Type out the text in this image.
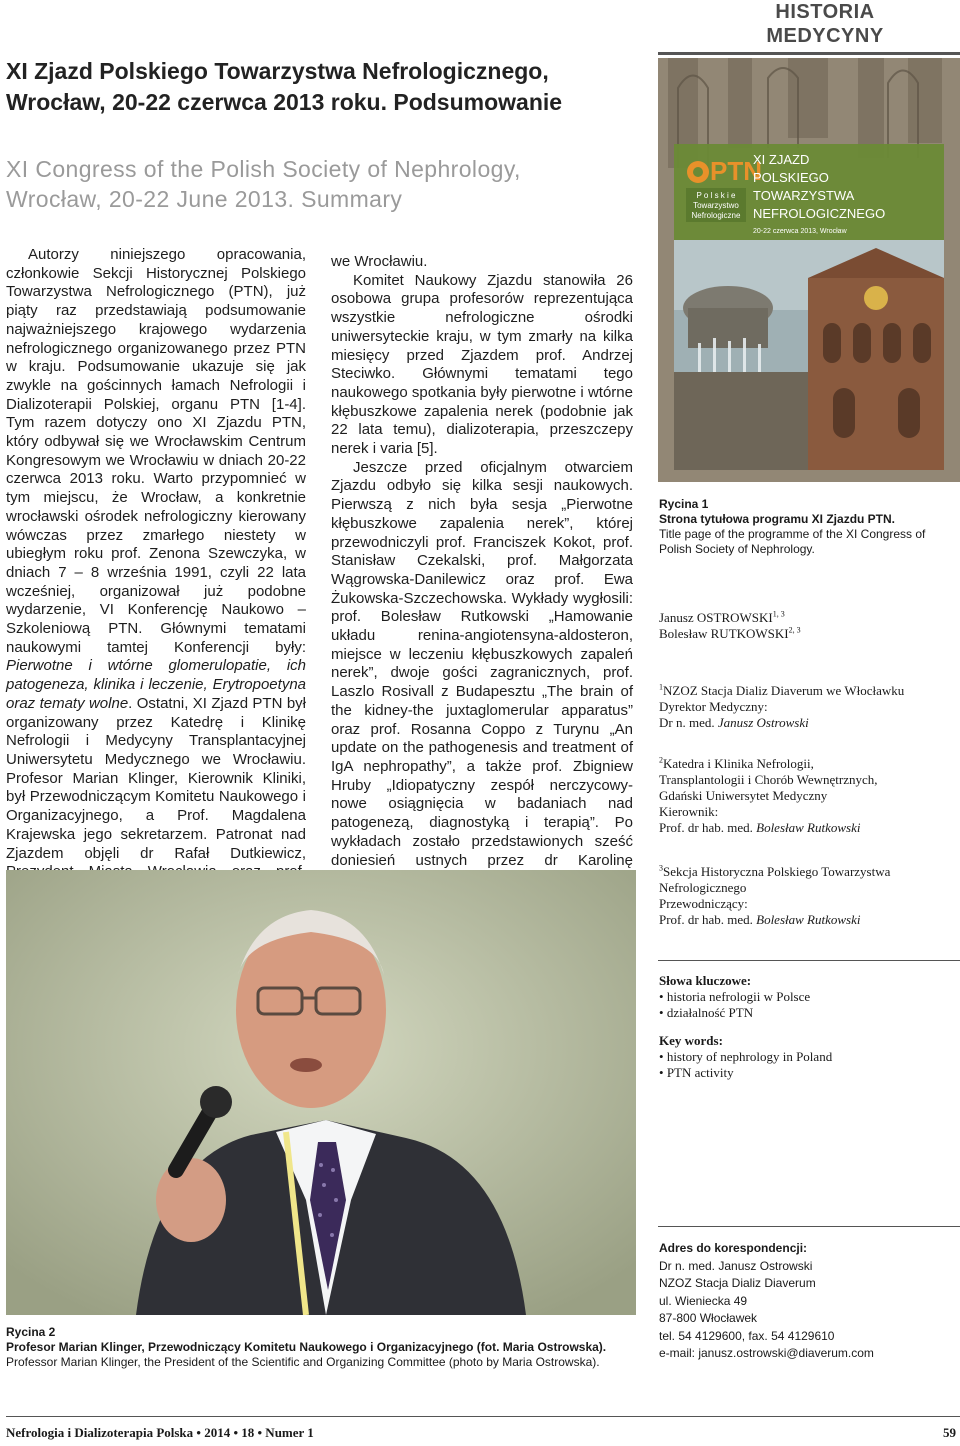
HISTORIA
MEDYCYNY
XI Zjazd Polskiego Towarzystwa Nefrologicznego,
Wrocław, 20-22 czerwca 2013 roku. Podsumowanie
XI Congress of the Polish Society of Nephrology,
Wrocław, 20-22 June 2013. Summary
PTN
P o l s k i e
Towarzystwo
Nefrologiczne
XI ZJAZD
POLSKIEGO
TOWARZYSTWA
NEFROLOGICZNEGO
20-22 czerwca 2013, Wrocław

Autorzy niniejszego opracowania, członkowie Sekcji Historycznej Polskiego Towarzystwa Nefrologicznego (PTN), już piąty raz przedstawiają podsumowanie najważniejszego krajowego wydarzenia nefrologicznego organizowanego przez PTN w kraju. Podsumowanie ukazuje się jak zwykle na gościnnych łamach Nefrologii i Dializoterapii Polskiej, organu PTN [1-4]. Tym razem dotyczy ono XI Zjazdu PTN, który odbywał się we Wrocławskim Centrum Kongresowym we Wrocławiu w dniach 20-22 czerwca 2013 roku. Warto przypomnieć w tym miejscu, że Wrocław, a konkretnie wrocławski ośrodek nefrologiczny kierowany wówczas przez zmarłego niestety w ubiegłym roku prof. Zenona Szewczyka, w dniach 7 – 8 września 1991, czyli 22 lata wcześniej, organizował już podobne wydarzenie, VI Konferencję Naukowo – Szkoleniową PTN. Głównymi tematami naukowymi tamtej Konferencji były: Pierwotne i wtórne glomerulopatie, ich patogeneza, klinika i leczenie, Erytropoetyna oraz tematy wolne. Ostatni, XI Zjazd PTN był organizowany przez Katedrę i Klinikę Nefrologii i Medycyny Transplantacyjnej Uniwersytetu Medycznego we Wrocławiu. Profesor Marian Klinger, Kierownik Kliniki, był Przewodniczącym Komitetu Naukowego i Organizacyjnego, a Prof. Magdalena Krajewska jego sekretarzem. Patronat nad Zjazdem objęli dr Rafał Dutkiewicz,

we Wrocławiu.

Komitet Naukowy Zjazdu stanowiła 26 osobowa grupa profesorów reprezentująca wszystkie nefrologiczne ośrodki uniwersyteckie kraju, w tym zmarły na kilka miesięcy przed Zjazdem prof. Andrzej Steciwko. Głównymi tematami tego naukowego spotkania były pierwotne i wtórne kłębuszkowe zapalenia nerek (podobnie jak 22 lata temu), dializoterapia, przeszczepy nerek i varia [5].

Jeszcze przed oficjalnym otwarciem Zjazdu odbyło się kilka sesji naukowych. Pierwszą z nich była sesja „Pierwotne kłębuszkowe zapalenia nerek”, której przewodniczyli prof. Franciszek Kokot, prof. Stanisław Czekalski, prof. Małgorzata Wągrowska-Danilewicz oraz prof. Ewa Żukowska-Szczechowska. Wykłady wygłosili: prof. Bolesław Rutkowski „Hamowanie układu renina-angiotensyna-aldosteron, miejsce w leczeniu kłębuszkowych zapaleń nerek”, dwoje gości zagranicznych, prof. Laszlo Rosivall z Budapesztu „The brain of the kidney-the juxtaglomerular apparatus” oraz prof. Rosanna Coppo z Turynu „An update on the pathogenesis and treatment of IgA nephropathy”, a także prof. Zbigniew Hruby „Idiopatyczny zespół nerczycowy-nowe osiągnięcia w badaniach nad patogenezą, diagnostyką i terapią”. Po wykładach zostało przedstawionych sześć doniesień ustnych przez dr Karolinę

Rycina 1
Strona tytułowa programu XI Zjazdu PTN.
Title page of the programme of the XI Congress of Polish Society of Nephrology.

Janusz OSTROWSKI$^{1, 3}$

Bolesław RUTKOWSKI$^{2, 3}$

$^1$NZOZ Stacja Dializ Diaverum we Włocławku

Dyrektor Medyczny:

Dr n. med. Janusz Ostrowski

$^2$Katedra i Klinika Nefrologii,

Transplantologii i Chorób Wewnętrznych,

Gdański Uniwersytet Medyczny

Kierownik:

Prof. dr hab. med. Bolesław Rutkowski

$^3$Sekcja Historyczna Polskiego Towarzystwa

Nefrologicznego

Przewodniczący:

Prof. dr hab. med. Bolesław Rutkowski

Słowa kluczowe:

• historia nefrologii w Polsce

• działalność PTN

Key words:

• history of nephrology in Poland

• PTN activity

Rycina 2
Profesor Marian Klinger, Przewodniczący Komitetu Naukowego i Organizacyjnego (fot. Maria Ostrowska).
Professor Marian Klinger, the President of the Scientific and Organizing Committee (photo by Maria Ostrowska).

Adres do korespondencji:

Dr n. med. Janusz Ostrowski

NZOZ Stacja Dializ Diaverum

ul. Wieniecka 49

87-800 Włocławek

tel. 54 4129600, fax. 54 4129610

e-mail: janusz.ostrowski@diaverum.com

Nefrologia i Dializoterapia Polska • 2014 • 18 • Numer 1	59
